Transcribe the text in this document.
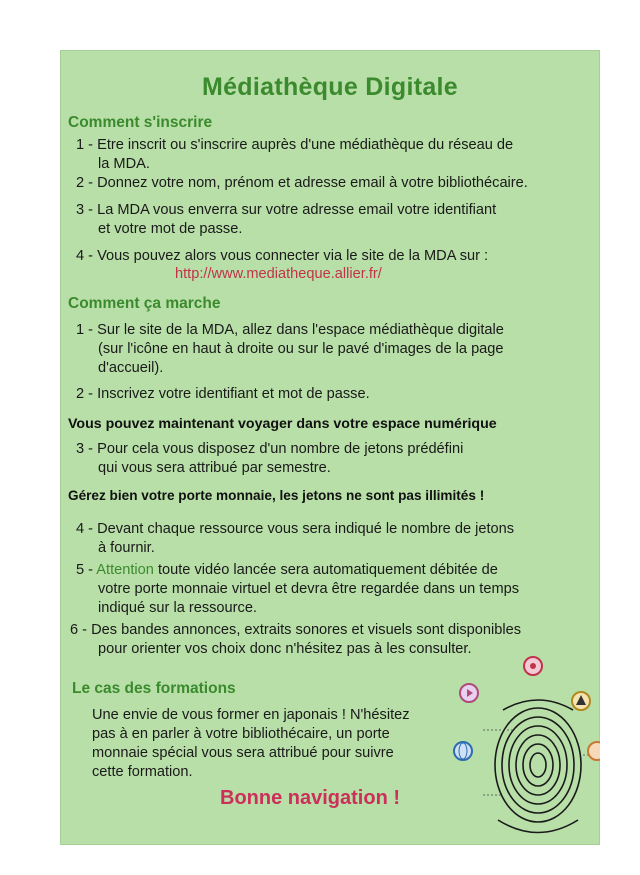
Médiathèque Digitale
Comment s'inscrire
1 - Etre inscrit ou s'inscrire auprès d'une médiathèque du réseau de
la MDA.
2 - Donnez votre nom, prénom et adresse email à votre bibliothécaire.
3 - La MDA vous enverra sur votre adresse email votre identifiant
et votre mot de passe.
4 - Vous pouvez alors vous connecter via le site de la MDA sur :
http://www.mediatheque.allier.fr/
Comment ça marche
1 - Sur le site de la MDA, allez dans l'espace médiathèque digitale
(sur l'icône en haut à droite ou sur le pavé d'images de la page
d'accueil).
2 - Inscrivez votre identifiant et mot de passe.
Vous pouvez maintenant voyager dans votre espace numérique
3 - Pour cela vous disposez d'un nombre de jetons prédéfini
qui vous sera attribué par semestre.
Gérez bien votre porte monnaie, les jetons ne sont pas illimités !
4 - Devant chaque ressource vous sera indiqué le nombre de jetons
à fournir.
5 - Attention toute vidéo lancée sera automatiquement débitée de
votre porte monnaie virtuel et devra être regardée dans un temps
indiqué sur la ressource.
6 - Des bandes annonces, extraits sonores et visuels sont disponibles
pour orienter vos choix donc n'hésitez pas à les consulter.
Le cas des formations
Une envie de vous former en japonais ! N'hésitez
pas à en parler à votre bibliothécaire, un porte
monnaie spécial vous sera attribué pour suivre
cette formation.
Bonne navigation !
